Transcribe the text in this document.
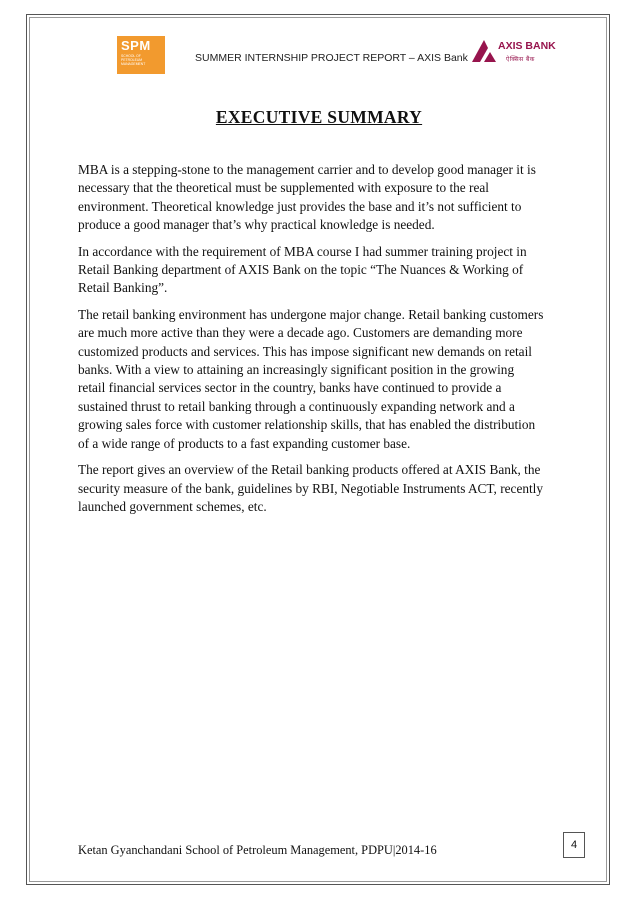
SPM
SCHOOL OF PETROLEUM MANAGEMENT
SUMMER INTERNSHIP PROJECT REPORT – AXIS Bank
AXIS BANK
ऐक्सिस बैंक
EXECUTIVE SUMMARY

MBA is a stepping-stone to the management carrier and to develop good manager it is necessary that the theoretical must be supplemented with exposure to the real environment. Theoretical knowledge just provides the base and it’s not sufficient to produce a good manager that’s why practical knowledge is needed.

In accordance with the requirement of MBA course I had summer training project in Retail Banking department of AXIS Bank on the topic “The Nuances & Working of Retail Banking”.

The retail banking environment has undergone major change. Retail banking customers are much more active than they were a decade ago. Customers are demanding more customized products and services. This has impose significant new demands on retail banks. With a view to attaining an increasingly significant position in the growing retail financial services sector in the country, banks have continued to provide a sustained thrust to retail banking through a continuously expanding network and a growing sales force with customer relationship skills, that has enabled the distribution of a wide range of products to a fast expanding customer base.

The report gives an overview of the Retail banking products offered at AXIS Bank, the security measure of the bank, guidelines by RBI, Negotiable Instruments ACT, recently launched government schemes, etc.

Ketan Gyanchandani School of Petroleum Management, PDPU|2014-16	4
